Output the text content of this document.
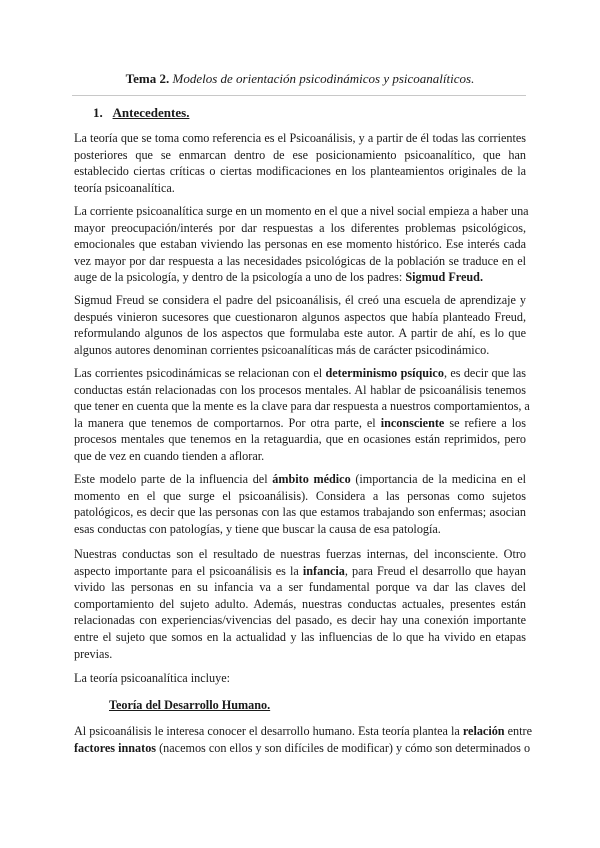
Tema 2. Modelos de orientación psicodinámicos y psicoanalíticos.
1. Antecedentes.
La teoría que se toma como referencia es el Psicoanálisis, y a partir de él todas las corrientes
posteriores que se enmarcan dentro de ese posicionamiento psicoanalítico, que han
establecido ciertas críticas o ciertas modificaciones en los planteamientos originales de la
teoría psicoanalítica.
La corriente psicoanalítica surge en un momento en el que a nivel social empieza a haber una
mayor preocupación/interés por dar respuestas a los diferentes problemas psicológicos,
emocionales que estaban viviendo las personas en ese momento histórico. Ese interés cada
vez mayor por dar respuesta a las necesidades psicológicas de la población se traduce en el
auge de la psicología, y dentro de la psicología a uno de los padres: Sigmud Freud.
Sigmud Freud se considera el padre del psicoanálisis, él creó una escuela de aprendizaje y
después vinieron sucesores que cuestionaron algunos aspectos que había planteado Freud,
reformulando algunos de los aspectos que formulaba este autor. A partir de ahí, es lo que
algunos autores denominan corrientes psicoanalíticas más de carácter psicodinámico.
Las corrientes psicodinámicas se relacionan con el determinismo psíquico, es decir que las
conductas están relacionadas con los procesos mentales. Al hablar de psicoanálisis tenemos
que tener en cuenta que la mente es la clave para dar respuesta a nuestros comportamientos, a
la manera que tenemos de comportarnos. Por otra parte, el inconsciente se refiere a los
procesos mentales que tenemos en la retaguardia, que en ocasiones están reprimidos, pero
que de vez en cuando tienden a aflorar.
Este modelo parte de la influencia del ámbito médico (importancia de la medicina en el
momento en el que surge el psicoanálisis). Considera a las personas como sujetos
patológicos, es decir que las personas con las que estamos trabajando son enfermas; asocian
esas conductas con patologías, y tiene que buscar la causa de esa patología.
Nuestras conductas son el resultado de nuestras fuerzas internas, del inconsciente. Otro
aspecto importante para el psicoanálisis es la infancia, para Freud el desarrollo que hayan
vivido las personas en su infancia va a ser fundamental porque va dar las claves del
comportamiento del sujeto adulto. Además, nuestras conductas actuales, presentes están
relacionadas con experiencias/vivencias del pasado, es decir hay una conexión importante
entre el sujeto que somos en la actualidad y las influencias de lo que ha vivido en etapas
previas.
La teoría psicoanalítica incluye:
Teoría del Desarrollo Humano.
Al psicoanálisis le interesa conocer el desarrollo humano. Esta teoría plantea la relación entre
factores innatos (nacemos con ellos y son difíciles de modificar) y cómo son determinados o
